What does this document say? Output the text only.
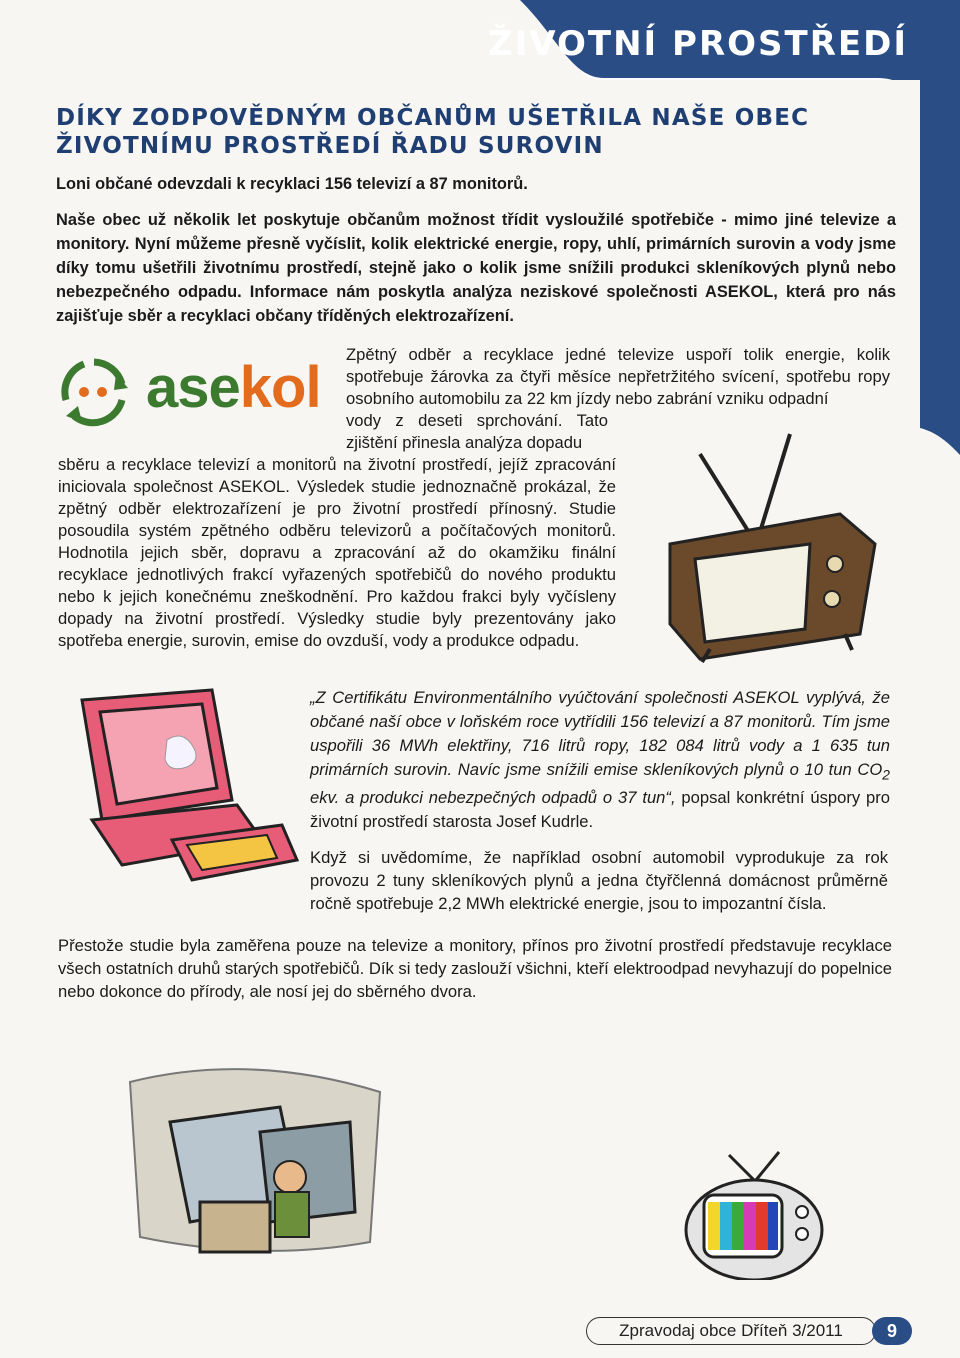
ŽIVOTNÍ PROSTŘEDÍ
DÍKY ZODPOVĚDNÝM OBČANŮM UŠETŘILA NAŠE OBEC
ŽIVOTNÍMU PROSTŘEDÍ ŘADU SUROVIN

Loni občané odevzdali k recyklaci 156 televizí a 87 monitorů.

Naše obec už několik let poskytuje občanům možnost třídit vysloužilé spotřebiče - mimo jiné televize a monitory. Nyní můžeme přesně vyčíslit, kolik elektrické energie, ropy, uhlí, primárních surovin a vody jsme díky tomu ušetřili životnímu prostředí, stejně jako o kolik jsme snížili produkci skleníkových plynů nebo nebezpečného odpadu. Informace nám poskytla analýza neziskové společnosti ASEKOL, která pro nás zajišťuje sběr a recyklaci občany tříděných elektrozařízení.

asekol

Zpětný odběr a recyklace jedné televize uspoří tolik energie, kolik spotřebuje žárovka za čtyři měsíce nepřetržitého svícení, spotřebu ropy osobního automobilu za 22 km jízdy nebo zabrání vzniku odpadní

vody z deseti sprchování. Tato zjištění přinesla analýza dopadu

sběru a recyklace televizí a monitorů na životní prostředí, jejíž zpracování iniciovala společnost ASEKOL. Výsledek studie jednoznačně prokázal, že zpětný odběr elektrozařízení je pro životní prostředí přínosný. Studie posoudila systém zpětného odběru televizorů a počítačových monitorů. Hodnotila jejich sběr, dopravu a zpracování až do okamžiku finální recyklace jednotlivých frakcí vyřazených spotřebičů do nového produktu nebo k jejich konečnému zneškodnění. Pro každou frakci byly vyčísleny dopady na životní prostředí. Výsledky studie byly prezentovány jako spotřeba energie, surovin, emise do ovzduší, vody a produkce odpadu.

„Z Certifikátu Environmentálního vyúčtování společnosti ASEKOL vyplývá, že občané naší obce v loňském roce vytřídili 156 televizí a 87 monitorů. Tím jsme uspořili 36 MWh elektřiny, 716 litrů ropy, 182 084 litrů vody a 1 635 tun primárních surovin. Navíc jsme snížili emise skleníkových plynů o 10 tun $CO_2$ ekv. a produkci nebezpečných odpadů o 37 tun“, popsal konkrétní úspory pro životní prostředí starosta Josef Kudrle.

Když si uvědomíme, že například osobní automobil vyprodukuje za rok provozu 2 tuny skleníkových plynů a jedna čtyřčlenná domácnost průměrně ročně spotřebuje 2,2 MWh elektrické energie, jsou to impozantní čísla.

Přestože studie byla zaměřena pouze na televize a monitory, přínos pro životní prostředí představuje recyklace všech ostatních druhů starých spotřebičů. Dík si tedy zaslouží všichni, kteří elektroodpad nevyhazují do popelnice nebo dokonce do přírody, ale nosí jej do sběrného dvora.

Zpravodaj obce Dříteň 3/2011	9
